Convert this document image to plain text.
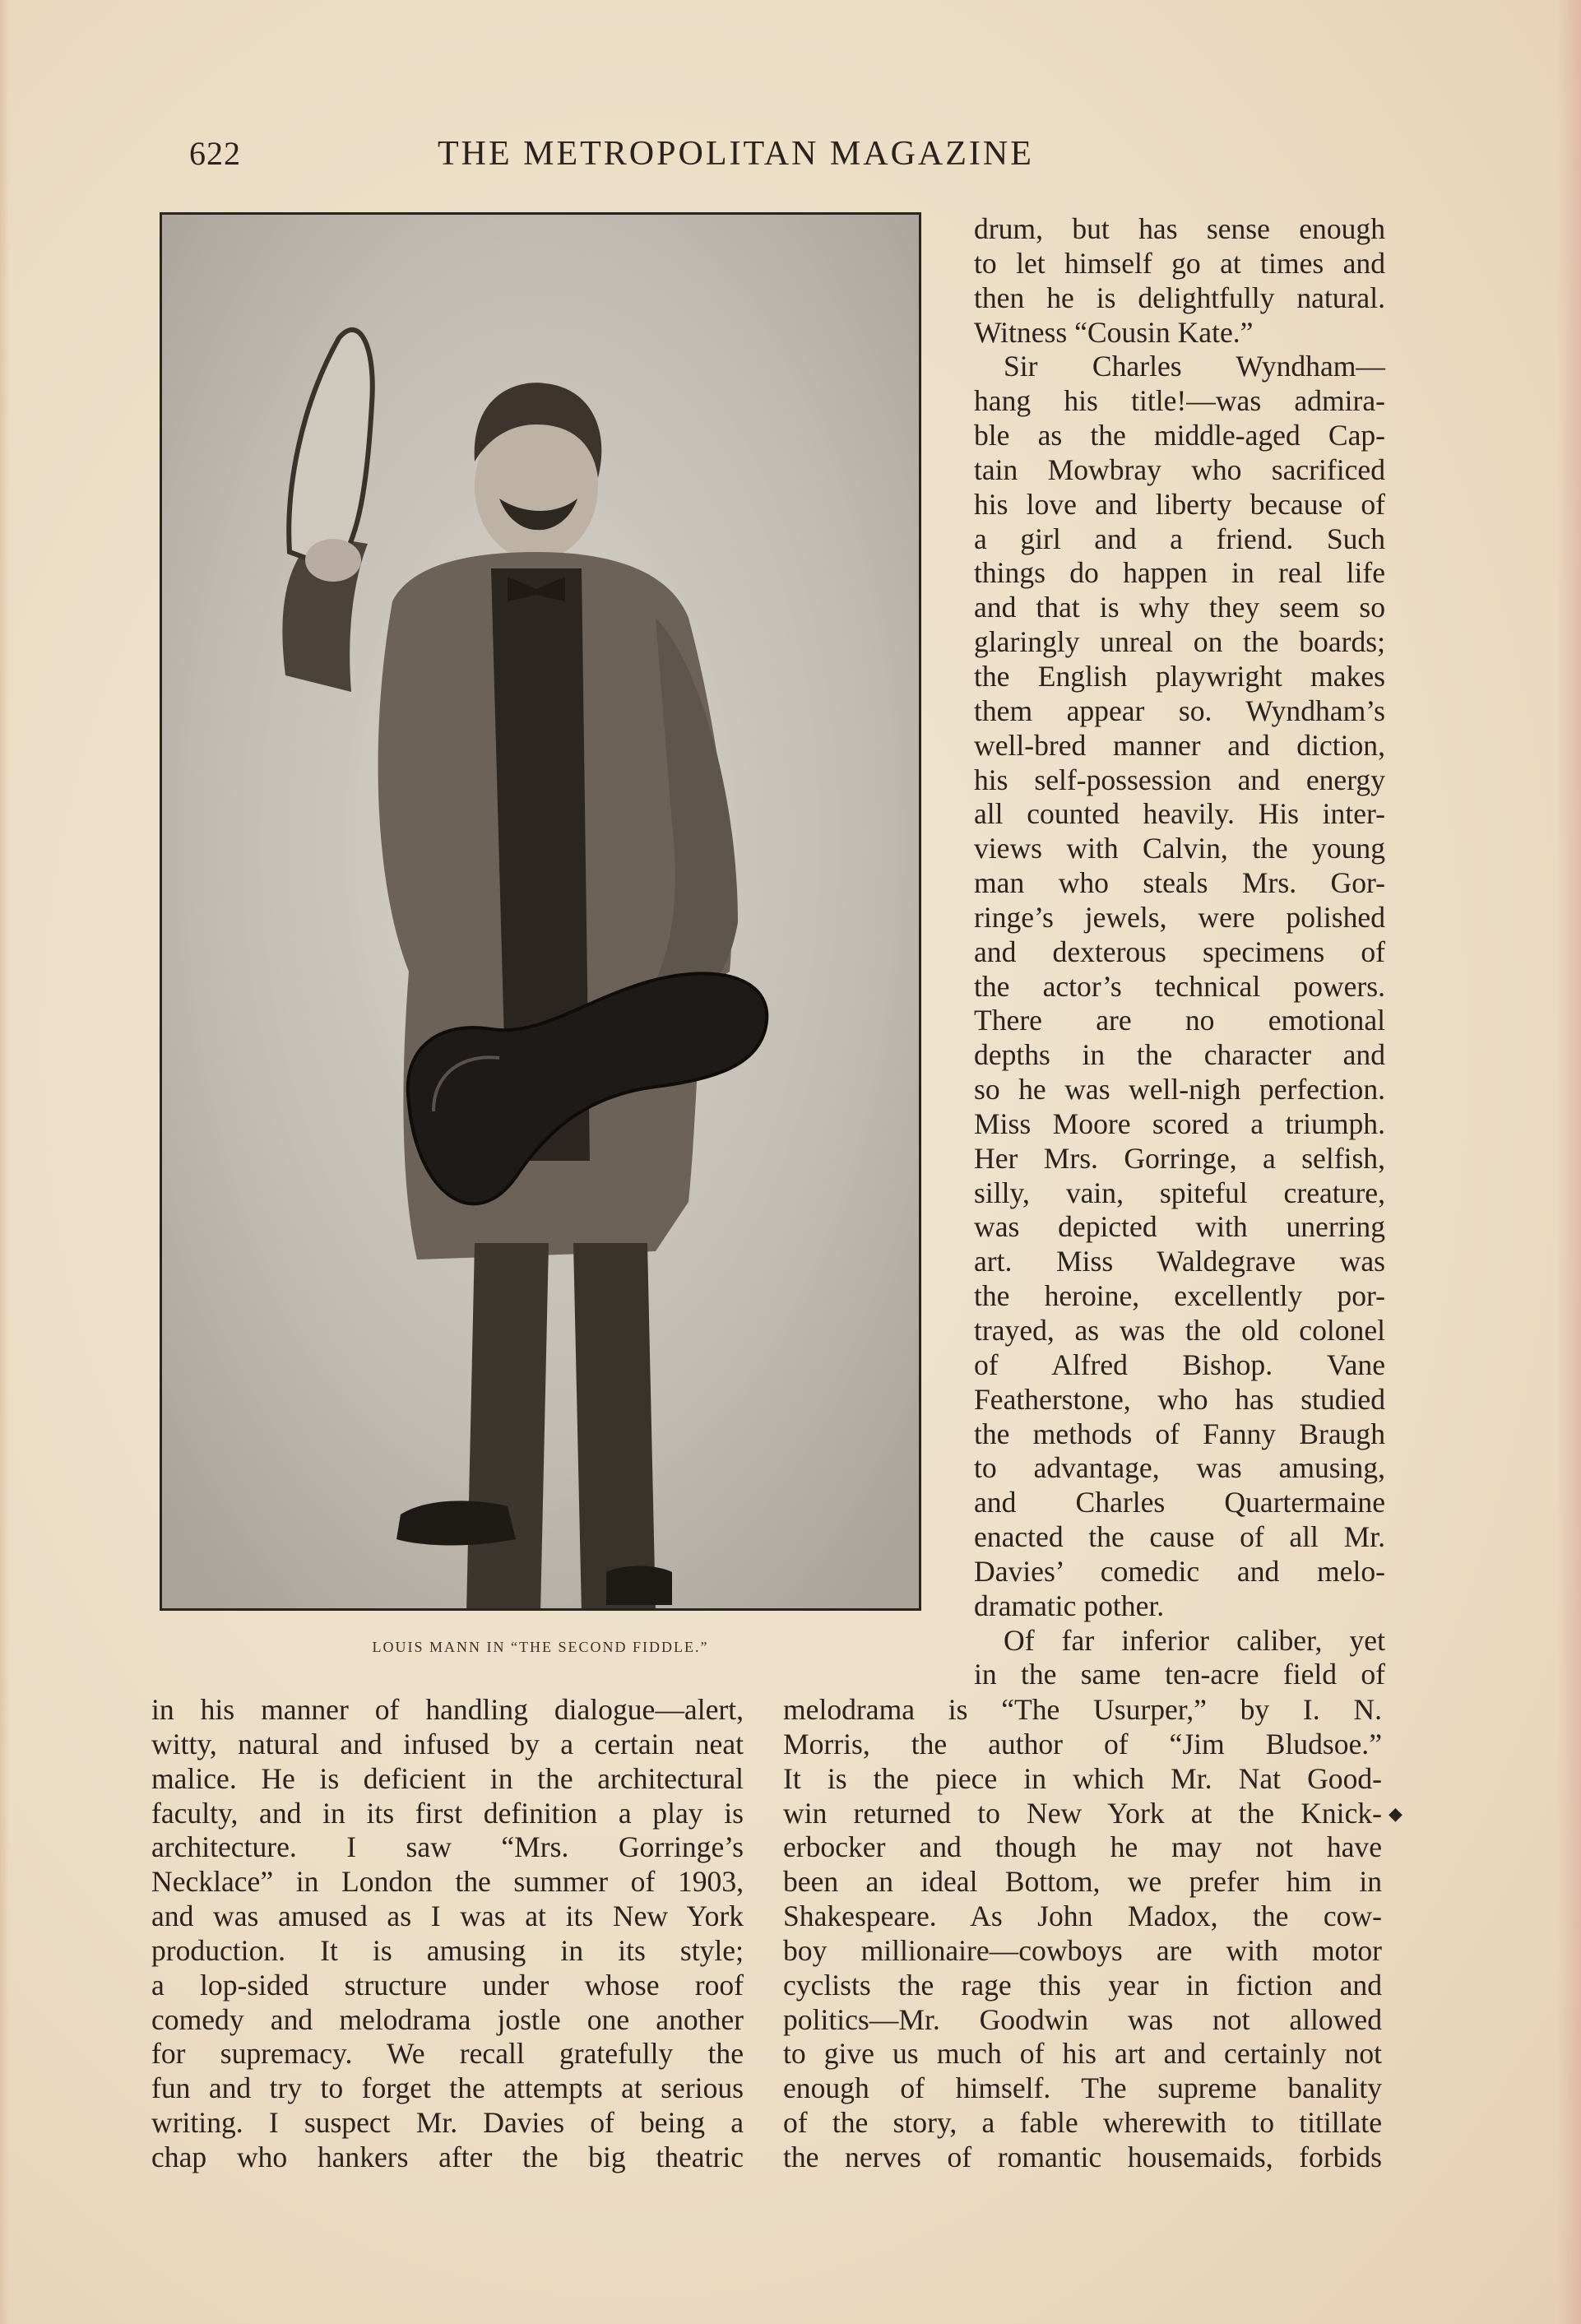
622	THE METROPOLITAN MAGAZINE
LOUIS MANN IN “THE SECOND FIDDLE.”
drum, but has sense enough
to let himself go at times and
then he is delightfully natural.
Witness “Cousin Kate.”
Sir Charles Wyndham—
hang his title!—was admira-
ble as the middle-aged Cap-
tain Mowbray who sacrificed
his love and liberty because of
a girl and a friend. Such
things do happen in real life
and that is why they seem so
glaringly unreal on the boards;
the English playwright makes
them appear so. Wyndham’s
well-bred manner and diction,
his self-possession and energy
all counted heavily. His inter-
views with Calvin, the young
man who steals Mrs. Gor-
ringe’s jewels, were polished
and dexterous specimens of
the actor’s technical powers.
There are no emotional
depths in the character and
so he was well-nigh perfection.
Miss Moore scored a triumph.
Her Mrs. Gorringe, a selfish,
silly, vain, spiteful creature,
was depicted with unerring
art. Miss Waldegrave was
the heroine, excellently por-
trayed, as was the old colonel
of Alfred Bishop. Vane
Featherstone, who has studied
the methods of Fanny Braugh
to advantage, was amusing,
and Charles Quartermaine
enacted the cause of all Mr.
Davies’ comedic and melo-
dramatic pother.
Of far inferior caliber, yet
in the same ten-acre field of
in his manner of handling dialogue—alert,
witty, natural and infused by a certain neat
malice. He is deficient in the architectural
faculty, and in its first definition a play is
architecture. I saw “Mrs. Gorringe’s
Necklace” in London the summer of 1903,
and was amused as I was at its New York
production. It is amusing in its style;
a lop-sided structure under whose roof
comedy and melodrama jostle one another
for supremacy. We recall gratefully the
fun and try to forget the attempts at serious
writing. I suspect Mr. Davies of being a
chap who hankers after the big theatric
melodrama is “The Usurper,” by I. N.
Morris, the author of “Jim Bludsoe.”
It is the piece in which Mr. Nat Good-
win returned to New York at the Knick-
erbocker and though he may not have
been an ideal Bottom, we prefer him in
Shakespeare. As John Madox, the cow-
boy millionaire—cowboys are with motor
cyclists the rage this year in fiction and
politics—Mr. Goodwin was not allowed
to give us much of his art and certainly not
enough of himself. The supreme banality
of the story, a fable wherewith to titillate
the nerves of romantic housemaids, forbids
◆
